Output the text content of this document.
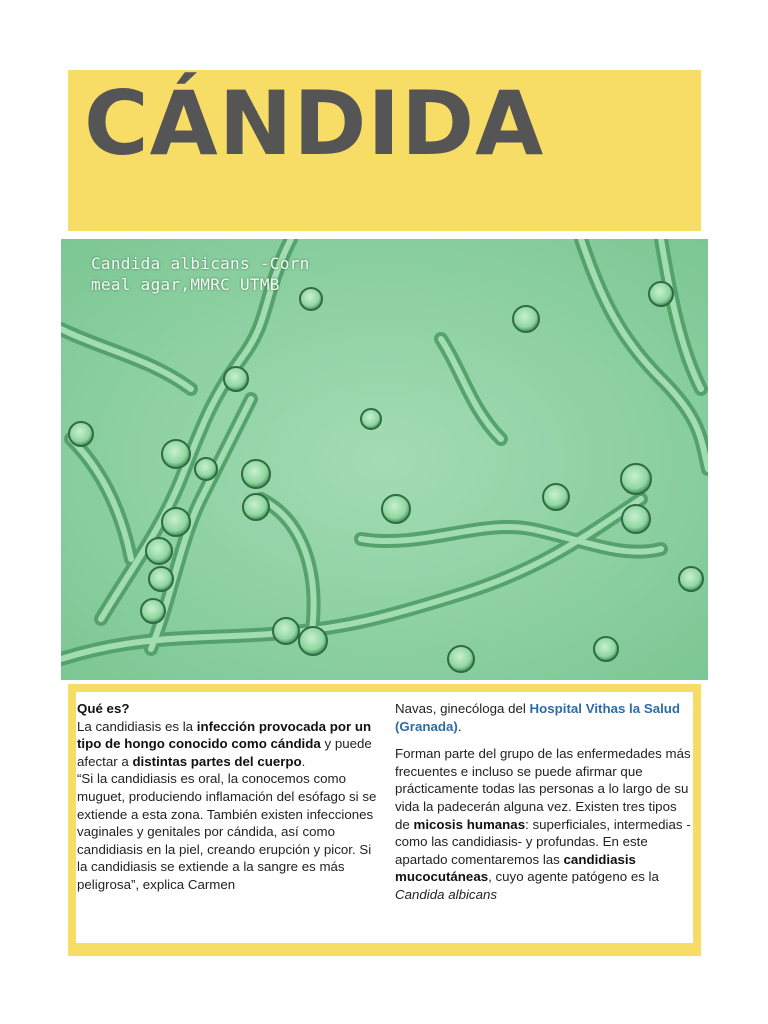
CÁNDIDA
Candida albicans -Corn
meal agar,MMRC UTMB

Qué es?

La candidiasis es la infección provocada por un tipo de hongo conocido como cándida y puede afectar a distintas partes del cuerpo.

“Si la candidiasis es oral, la conocemos como muguet, produciendo inflamación del esófago si se extiende a esta zona. También existen infecciones vaginales y genitales por cándida, así como candidiasis en la piel, creando erupción y picor. Si la candidiasis se extiende a la sangre es más peligrosa”, explica Carmen

Navas, ginecóloga del Hospital Vithas la Salud (Granada).

Forman parte del grupo de las enfermedades más frecuentes e incluso se puede afirmar que prácticamente todas las personas a lo largo de su vida la padecerán alguna vez. Existen tres tipos de micosis humanas: superficiales, intermedias -como las candidiasis- y profundas. En este apartado comentaremos las candidiasis mucocutáneas, cuyo agente patógeno es la Candida albicans
